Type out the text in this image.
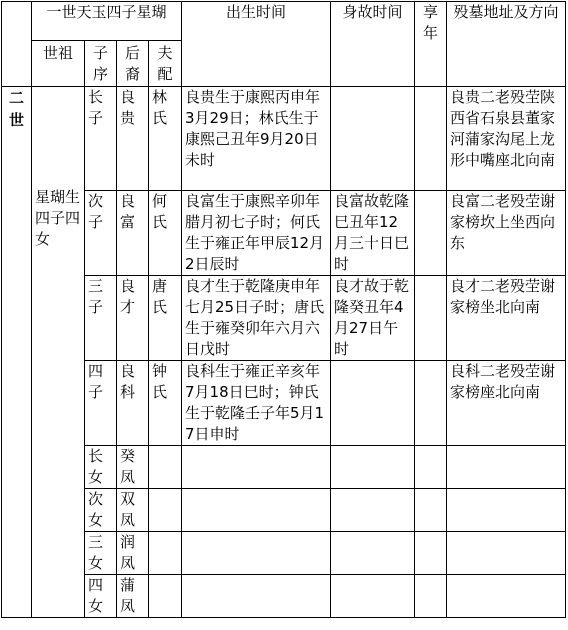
	一世天玉四子星瑚				出生时间	身故时间	享年	殁墓地址及方向
	世祖	子序	后裔	夫配				
二世	星瑚生四子四女	长子	良贵	林氏	良贵生于康熙丙申年3月29日；林氏生于康熙己丑年9月20日未时			良贵二老殁茔陕西省石泉县董家河蒲家沟尾上龙形中嘴座北向南
		次子	良富	何氏	良富生于康熙辛卯年腊月初七子时；何氏生于雍正年甲辰12月2日辰时	良富故乾隆巳丑年12月三十日巳时		良富二老殁茔谢家榜坎上坐西向东
		三子	良才	唐氏	良才生于乾隆庚申年七月25日子时；唐氏生于雍癸卯年六月六日戊时	良才故于乾隆癸丑年4月27日午时		良才二老殁茔谢家榜坐北向南
		四子	良科	钟氏	良科生于雍正辛亥年7月18日巳时；钟氏生于乾隆壬子年5月17日申时			良科二老殁茔谢家榜座北向南
		长女	癸凤					
		次女	双凤					
		三女	润凤					
		四女	蒲凤					
